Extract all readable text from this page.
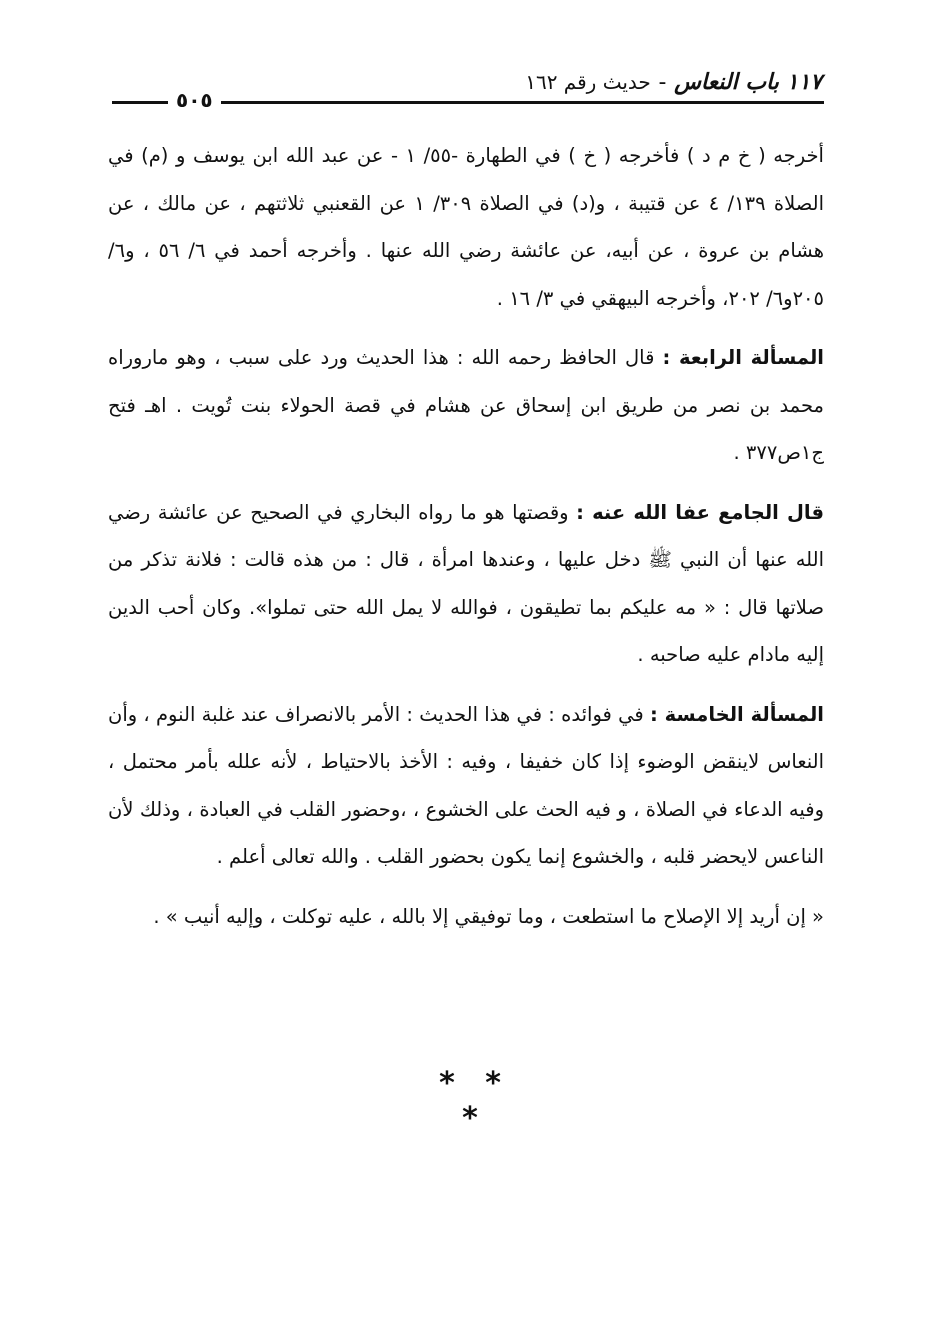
١١٧ باب النعاس - حديث رقم ١٦٢
٥٠٥

أخرجه ( خ م د ) فأخرجه ( خ ) في الطهارة -٥٥/ ١ - عن عبد الله ابن يوسف و (م) في الصلاة ١٣٩/ ٤ عن قتيبة ، و(د) في الصلاة ٣٠٩/ ١ عن القعنبي ثلاثتهم ، عن مالك ، عن هشام بن عروة ، عن أبيه، عن عائشة رضي الله عنها . وأخرجه أحمد في ٦/ ٥٦ ، و٦/ ٢٠٥و٦/ ٢٠٢، وأخرجه البيهقي في ٣/ ١٦ .

المسألة الرابعة : قال الحافظ رحمه الله : هذا الحديث ورد على سبب ، وهو ماروراه محمد بن نصر من طريق ابن إسحاق عن هشام في قصة الحولاء بنت تُويت . اهـ فتح ج١ص٣٧٧ .

قال الجامع عفا الله عنه : وقصتها هو ما رواه البخاري في الصحيح عن عائشة رضي الله عنها أن النبي ﷺ دخل عليها ، وعندها امرأة ، قال : من هذه قالت : فلانة تذكر من صلاتها قال : « مه عليكم بما تطيقون ، فوالله لا يمل الله حتى تملوا». وكان أحب الدين إليه مادام عليه صاحبه .

المسألة الخامسة : في فوائده : في هذا الحديث : الأمر بالانصراف عند غلبة النوم ، وأن النعاس لاينقض الوضوء إذا كان خفيفا ، وفيه : الأخذ بالاحتياط ، لأنه علله بأمر محتمل ، وفيه الدعاء في الصلاة ، و فيه الحث على الخشوع ، ،وحضور القلب في العبادة ، وذلك لأن الناعس لايحضر قلبه ، والخشوع إنما يكون بحضور القلب . والله تعالى أعلم .

« إن أريد إلا الإصلاح ما استطعت ، وما توفيقي إلا بالله ، عليه توكلت ، وإليه أنيب » .

* * *
